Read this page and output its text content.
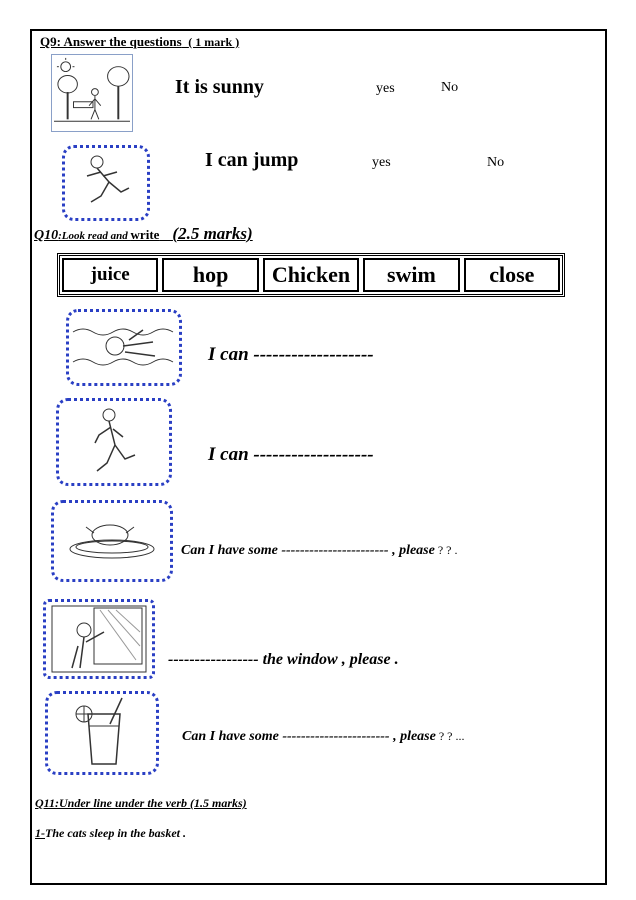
Q9: Answer the questions ( 1 mark )
It is sunny	yes	No
I can jump	yes	No
Q10:Look read and write (2.5 marks)
juice	hop	Chicken	swim	close
I can -------------------
I can -------------------
Can I have some ----------------------- , please ? ? .
----------------- the window , please .
Can I have some ----------------------- , please ? ? ...
Q11:Under line under the verb (1.5 marks)
1-The cats sleep in the basket .
